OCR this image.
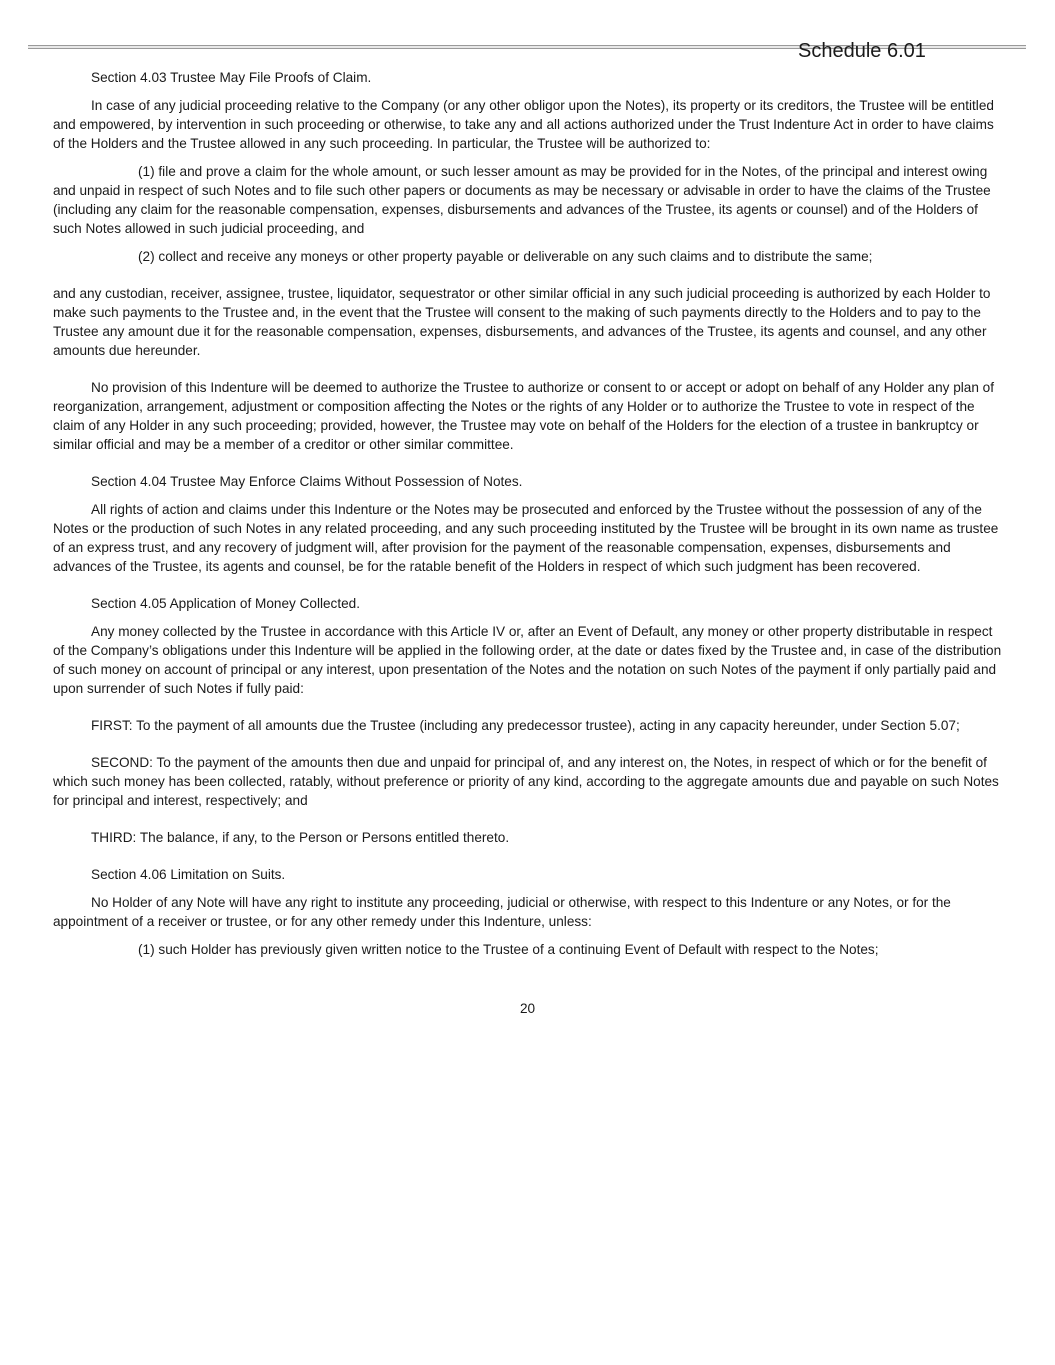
Schedule 6.01

Section 4.03 Trustee May File Proofs of Claim.

In case of any judicial proceeding relative to the Company (or any other obligor upon the Notes), its property or its creditors, the Trustee will be entitled and empowered, by intervention in such proceeding or otherwise, to take any and all actions authorized under the Trust Indenture Act in order to have claims of the Holders and the Trustee allowed in any such proceeding. In particular, the Trustee will be authorized to:

(1) file and prove a claim for the whole amount, or such lesser amount as may be provided for in the Notes, of the principal and interest owing and unpaid in respect of such Notes and to file such other papers or documents as may be necessary or advisable in order to have the claims of the Trustee (including any claim for the reasonable compensation, expenses, disbursements and advances of the Trustee, its agents or counsel) and of the Holders of such Notes allowed in such judicial proceeding, and

(2) collect and receive any moneys or other property payable or deliverable on any such claims and to distribute the same;

and any custodian, receiver, assignee, trustee, liquidator, sequestrator or other similar official in any such judicial proceeding is authorized by each Holder to make such payments to the Trustee and, in the event that the Trustee will consent to the making of such payments directly to the Holders and to pay to the Trustee any amount due it for the reasonable compensation, expenses, disbursements, and advances of the Trustee, its agents and counsel, and any other amounts due hereunder.

No provision of this Indenture will be deemed to authorize the Trustee to authorize or consent to or accept or adopt on behalf of any Holder any plan of reorganization, arrangement, adjustment or composition affecting the Notes or the rights of any Holder or to authorize the Trustee to vote in respect of the claim of any Holder in any such proceeding; provided, however, the Trustee may vote on behalf of the Holders for the election of a trustee in bankruptcy or similar official and may be a member of a creditor or other similar committee.

Section 4.04 Trustee May Enforce Claims Without Possession of Notes.

All rights of action and claims under this Indenture or the Notes may be prosecuted and enforced by the Trustee without the possession of any of the Notes or the production of such Notes in any related proceeding, and any such proceeding instituted by the Trustee will be brought in its own name as trustee of an express trust, and any recovery of judgment will, after provision for the payment of the reasonable compensation, expenses, disbursements and advances of the Trustee, its agents and counsel, be for the ratable benefit of the Holders in respect of which such judgment has been recovered.

Section 4.05 Application of Money Collected.

Any money collected by the Trustee in accordance with this Article IV or, after an Event of Default, any money or other property distributable in respect of the Company’s obligations under this Indenture will be applied in the following order, at the date or dates fixed by the Trustee and, in case of the distribution of such money on account of principal or any interest, upon presentation of the Notes and the notation on such Notes of the payment if only partially paid and upon surrender of such Notes if fully paid:

FIRST: To the payment of all amounts due the Trustee (including any predecessor trustee), acting in any capacity hereunder, under Section 5.07;

SECOND: To the payment of the amounts then due and unpaid for principal of, and any interest on, the Notes, in respect of which or for the benefit of which such money has been collected, ratably, without preference or priority of any kind, according to the aggregate amounts due and payable on such Notes for principal and interest, respectively; and

THIRD: The balance, if any, to the Person or Persons entitled thereto.

Section 4.06 Limitation on Suits.

No Holder of any Note will have any right to institute any proceeding, judicial or otherwise, with respect to this Indenture or any Notes, or for the appointment of a receiver or trustee, or for any other remedy under this Indenture, unless:

(1) such Holder has previously given written notice to the Trustee of a continuing Event of Default with respect to the Notes;

20
